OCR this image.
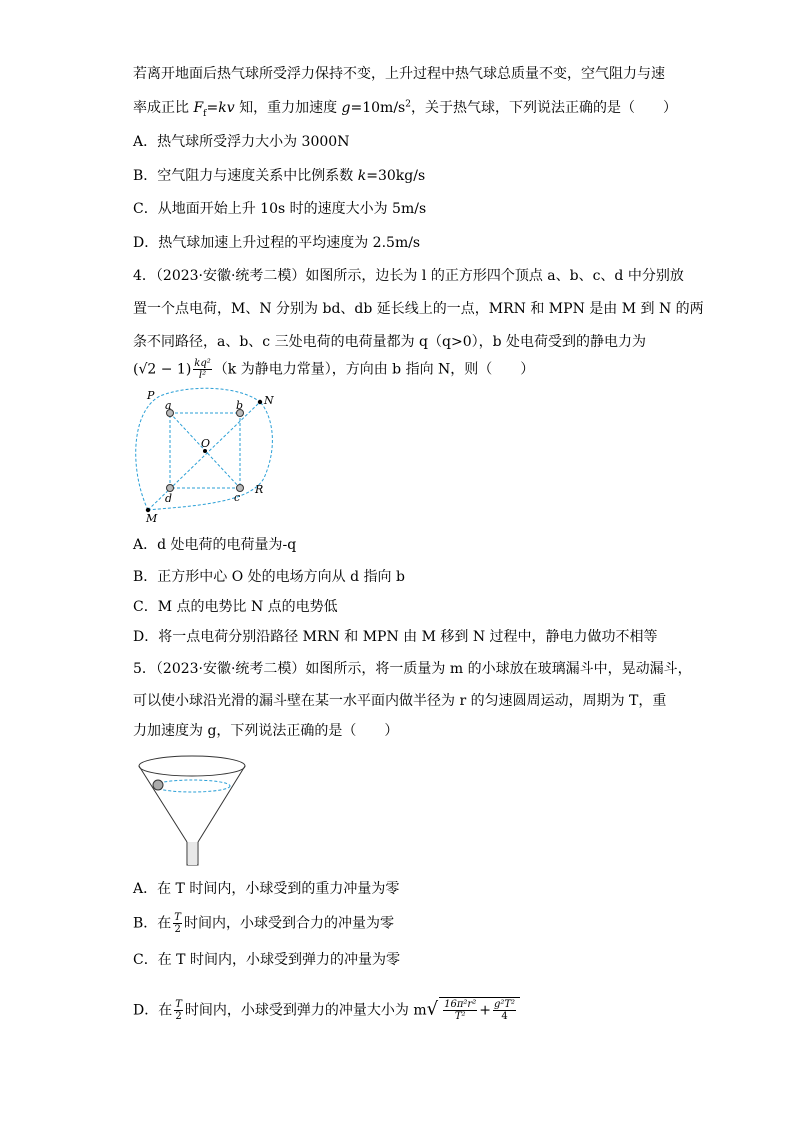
若离开地面后热气球所受浮力保持不变，上升过程中热气球总质量不变，空气阻力与速
率成正比 $F_f=kv$ 知，重力加速度 $g=10m/s^2$，关于热气球，下列说法正确的是（　　）
A．热气球所受浮力大小为 3000N
B．空气阻力与速度关系中比例系数 k=30kg/s
C．从地面开始上升 10s 时的速度大小为 5m/s
D．热气球加速上升过程的平均速度为 2.5m/s
4．（2023·安徽·统考二模）如图所示，边长为 l 的正方形四个顶点 a、b、c、d 中分别放
置一个点电荷，M、N 分别为 bd、db 延长线上的一点，MRN 和 MPN 是由 M 到 N 的两
条不同路径，a、b、c 三处电荷的电荷量都为 q（q>0），b 处电荷受到的静电力为
$(√2 - 1) \frac{\text{kq²}}{\text{l²}} (k$ 为静电力常量），方向由 b 指向 N，则（　　）
P
a	b N
O
d	c
R
M
A．d 处电荷的电荷量为-q
B．正方形中心 O 处的电场方向从 d 指向 b
C．M 点的电势比 N 点的电势低
D．将一点电荷分别沿路径 MRN 和 MPN 由 M 移到 N 过程中，静电力做功不相等
5．（2023·安徽·统考二模）如图所示，将一质量为 m 的小球放在玻璃漏斗中，晃动漏斗，
可以使小球沿光滑的漏斗壁在某一水平面内做半径为 r 的匀速圆周运动，周期为 T，重
力加速度为 g，下列说法正确的是（　　）
A．在 T 时间内，小球受到的重力冲量为零
B．在 $\frac{T}{2}$ 时间内，小球受到合力的冲量为零
C．在 T 时间内，小球受到弹力的冲量为零
D．在 $\frac{T}{2}$ 时间内，小球受到弹力的冲量大小为 $m√ \frac{\text{16π²r²}}{\text{T²}} + \frac{\text{g²T²}}{4}$
